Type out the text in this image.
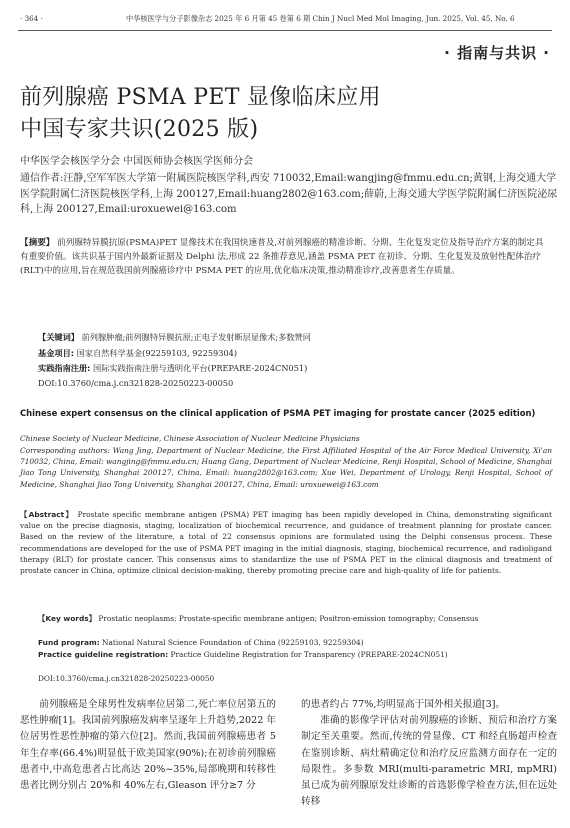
· 364 ·	中华核医学与分子影像杂志 2025 年 6 月第 45 卷第 6 期 Chin J Nucl Med Mol Imaging, Jun. 2025, Vol. 45, No. 6
· 指南与共识 ·
前列腺癌 PSMA PET 显像临床应用
中国专家共识(2025 版)
中华医学会核医学分会 中国医师协会核医学医师分会
通信作者:汪静,空军军医大学第一附属医院核医学科,西安 710032,Email:wangjing@fmmu.edu.cn;黄钢,上海交通大学医学院附属仁济医院核医学科,上海 200127,Email:huang2802@163.com;薛蔚,上海交通大学医学院附属仁济医院泌尿科,上海 200127,Email:uroxuewei@163.com
【摘要】 前列腺特异膜抗原(PSMA)PET 显像技术在我国快速普及,对前列腺癌的精准诊断、分期、生化复发定位及指导治疗方案的制定具有重要价值。该共识基于国内外最新证据及 Delphi 法,形成 22 条推荐意见,涵盖 PSMA PET 在初诊、分期、生化复发及放射性配体治疗(RLT)中的应用,旨在规范我国前列腺癌诊疗中 PSMA PET 的应用,优化临床决策,推动精准诊疗,改善患者生存质量。
【关键词】 前列腺肿瘤;前列腺特异膜抗原;正电子发射断层显像术;多数赞同
基金项目: 国家自然科学基金(92259103, 92259304)
实践指南注册: 国际实践指南注册与透明化平台(PREPARE-2024CN051)
DOI:10.3760/cma.j.cn321828-20250223-00050
Chinese expert consensus on the clinical application of PSMA PET imaging for prostate cancer (2025 edition)
Chinese Society of Nuclear Medicine, Chinese Association of Nuclear Medicine Physicians
Corresponding authors: Wang Jing, Department of Nuclear Medicine, the First Affiliated Hospital of the Air Force Medical University, Xi'an 710032, China, Email: wangjing@fmmu.edu.cn; Huang Gang, Department of Nuclear Medicine, Renji Hospital, School of Medicine, Shanghai Jiao Tong University, Shanghai 200127, China, Email: huang2802@163.com; Xue Wei, Department of Urology, Renji Hospital, School of Medicine, Shanghai Jiao Tong University, Shanghai 200127, China, Email: uroxuewei@163.com
【Abstract】 Prostate specific membrane antigen (PSMA) PET imaging has been rapidly developed in China, demonstrating significant value on the precise diagnosis, staging, localization of biochemical recurrence, and guidance of treatment planning for prostate cancer. Based on the review of the literature, a total of 22 consensus opinions are formulated using the Delphi consensus process. These recommendations are developed for the use of PSMA PET imaging in the initial diagnosis, staging, biochemical recurrence, and radioligand therapy (RLT) for prostate cancer. This consensus aims to standardize the use of PSMA PET in the clinical diagnosis and treatment of prostate cancer in China, optimize clinical decision-making, thereby promoting precise care and high-quality of life for patients.
【Key words】 Prostatic neoplasms; Prostate-specific membrane antigen; Positron-emission tomography; Consensus
Fund program: National Natural Science Foundation of China (92259103, 92259304)
Practice guideline registration: Practice Guideline Registration for Transparency (PREPARE-2024CN051)
DOI:10.3760/cma.j.cn321828-20250223-00050
前列腺癌是全球男性发病率位居第二,死亡率位居第五的恶性肿瘤[1]。我国前列腺癌发病率呈逐年上升趋势,2022 年位居男性恶性肿瘤的第六位[2]。然而,我国前列腺癌患者 5 年生存率(66.4%)明显低于欧美国家(90%);在初诊前列腺癌患者中,中高危患者占比高达 20%~35%,局部晚期和转移性患者比例分别占 20%和 40%左右,Gleason 评分≥7 分
的患者约占 77%,均明显高于国外相关报道[3]。
准确的影像学评估对前列腺癌的诊断、预后和治疗方案制定至关重要。然而,传统的骨显像、CT 和经直肠超声检查在鉴别诊断、病灶精确定位和治疗反应监测方面存在一定的局限性。多参数 MRI(multi-parametric MRI, mpMRI)虽已成为前列腺原发灶诊断的首选影像学检查方法,但在远处转移
